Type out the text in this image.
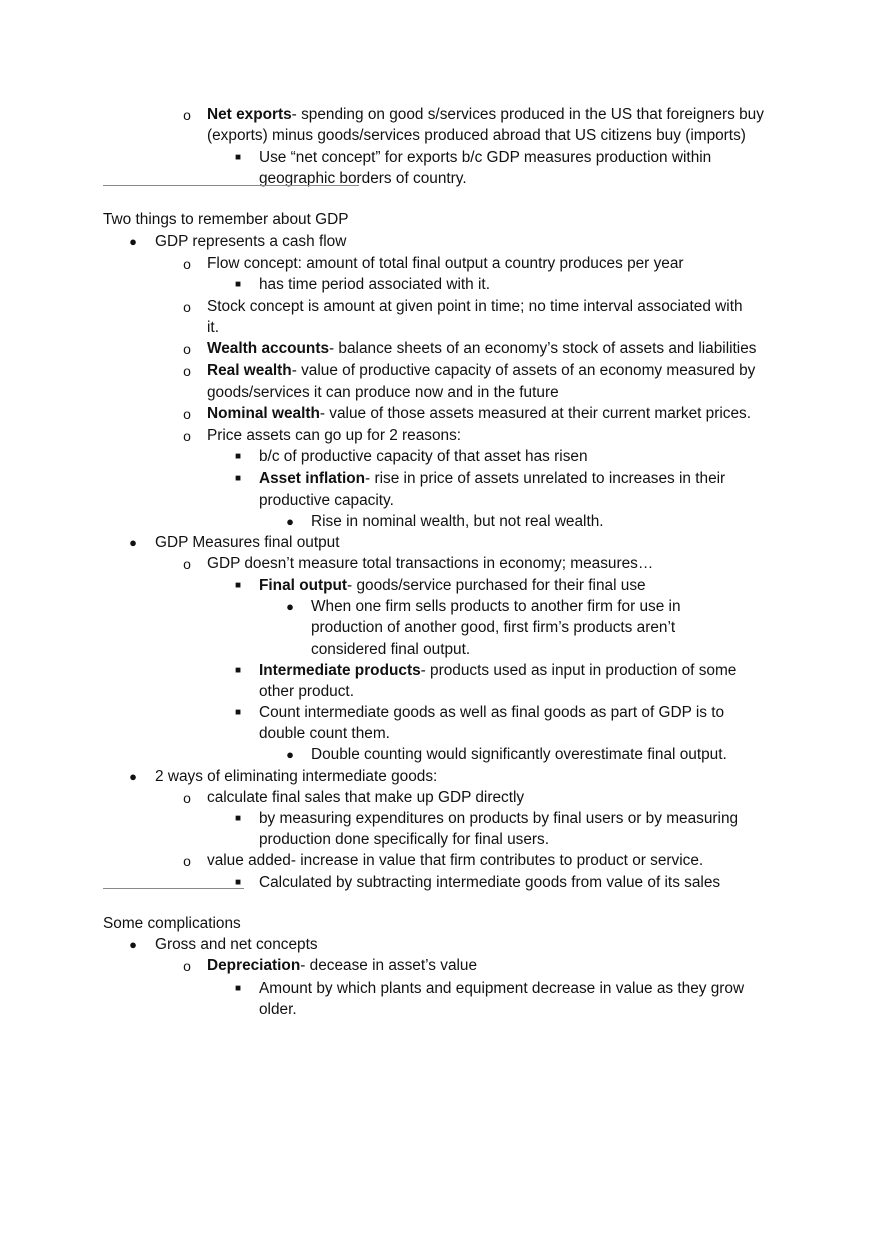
o Net exports- spending on good s/services produced in the US that foreigners buy
(exports) minus goods/services produced abroad that US citizens buy (imports)
■ Use “net concept” for exports b/c GDP measures production within
geographic borders of country.
Two things to remember about GDP
● GDP represents a cash flow
o Flow concept: amount of total final output a country produces per year
■ has time period associated with it.
o Stock concept is amount at given point in time; no time interval associated with
it.
o Wealth accounts- balance sheets of an economy’s stock of assets and liabilities
o Real wealth- value of productive capacity of assets of an economy measured by
goods/services it can produce now and in the future
o Nominal wealth- value of those assets measured at their current market prices.
o Price assets can go up for 2 reasons:
■ b/c of productive capacity of that asset has risen
■ Asset inflation- rise in price of assets unrelated to increases in their
productive capacity.
● Rise in nominal wealth, but not real wealth.
● GDP Measures final output
o GDP doesn’t measure total transactions in economy; measures…
■ Final output- goods/service purchased for their final use
● When one firm sells products to another firm for use in
production of another good, first firm’s products aren’t
considered final output.
■ Intermediate products- products used as input in production of some
other product.
■ Count intermediate goods as well as final goods as part of GDP is to
double count them.
● Double counting would significantly overestimate final output.
● 2 ways of eliminating intermediate goods:
o calculate final sales that make up GDP directly
■ by measuring expenditures on products by final users or by measuring
production done specifically for final users.
o value added- increase in value that firm contributes to product or service.
■ Calculated by subtracting intermediate goods from value of its sales
Some complications
● Gross and net concepts
o Depreciation- decease in asset’s value
■ Amount by which plants and equipment decrease in value as they grow
older.
